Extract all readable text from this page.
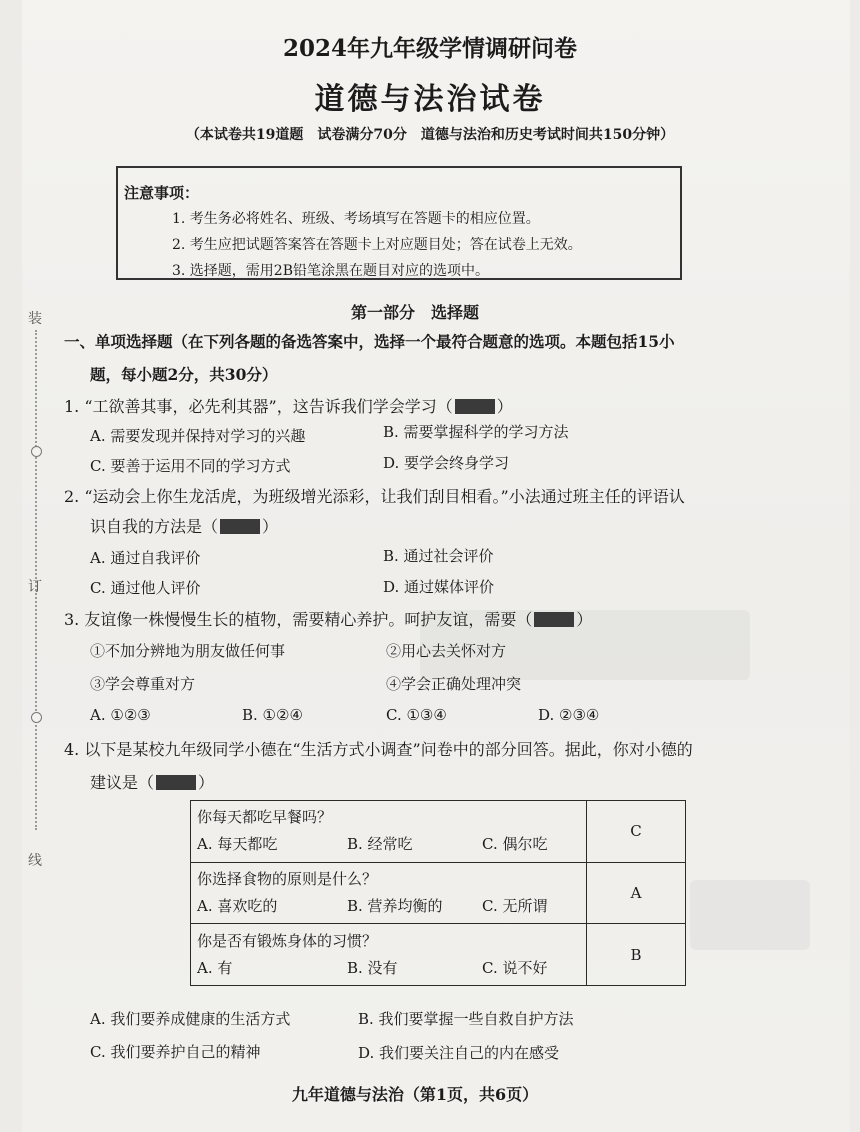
装
订
线
2024年九年级学情调研问卷
道德与法治试卷
（本试卷共19道题　试卷满分70分　道德与法治和历史考试时间共150分钟）
注意事项：
1. 考生务必将姓名、班级、考场填写在答题卡的相应位置。
2. 考生应把试题答案答在答题卡上对应题目处；答在试卷上无效。
3. 选择题，需用2B铅笔涂黑在题目对应的选项中。
第一部分　选择题
一、单项选择题（在下列各题的备选答案中，选择一个最符合题意的选项。本题包括15小
题，每小题2分，共30分）
1. “工欲善其事，必先利其器”，这告诉我们学会学习（	）
A. 需要发现并保持对学习的兴趣	B. 需要掌握科学的学习方法
C. 要善于运用不同的学习方式	D. 要学会终身学习
2. “运动会上你生龙活虎，为班级增光添彩，让我们刮目相看。”小法通过班主任的评语认
识自我的方法是（	）
A. 通过自我评价	B. 通过社会评价
C. 通过他人评价	D. 通过媒体评价
3. 友谊像一株慢慢生长的植物，需要精心养护。呵护友谊，需要（	）
①不加分辨地为朋友做任何事	②用心去关怀对方
③学会尊重对方	④学会正确处理冲突
A. ①②③	B. ①②④	C. ①③④	D. ②③④
4. 以下是某校九年级同学小德在“生活方式小调查”问卷中的部分回答。据此，你对小德的
建议是（	）
你每天都吃早餐吗？
A. 每天都吃 B. 经常吃 C. 偶尔吃	C

你选择食物的原则是什么？
A. 喜欢吃的 B. 营养均衡的 C. 无所谓	A

你是否有锻炼身体的习惯？
A. 有 B. 没有 C. 说不好	B
A. 我们要养成健康的生活方式	B. 我们要掌握一些自救自护方法
C. 我们要养护自己的精神	D. 我们要关注自己的内在感受
九年道德与法治（第1页，共6页）
